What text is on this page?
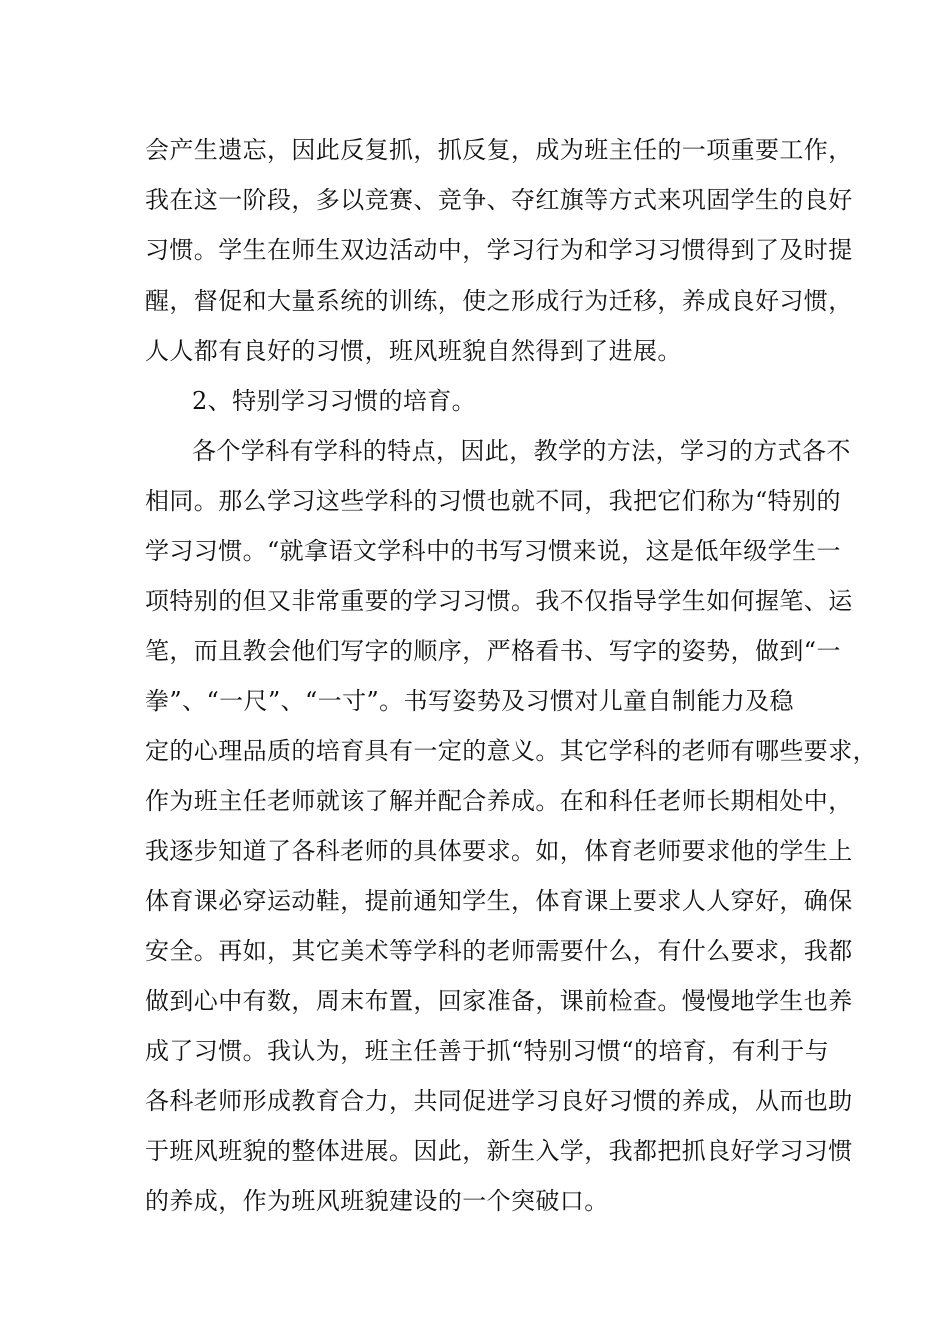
会产生遗忘，因此反复抓，抓反复，成为班主任的一项重要工作，
我在这一阶段，多以竞赛、竞争、夺红旗等方式来巩固学生的良好
习惯。学生在师生双边活动中，学习行为和学习习惯得到了及时提
醒，督促和大量系统的训练，使之形成行为迁移，养成良好习惯，
人人都有良好的习惯，班风班貌自然得到了进展。
2、特别学习习惯的培育。
各个学科有学科的特点，因此，教学的方法，学习的方式各不
相同。那么学习这些学科的习惯也就不同，我把它们称为“特别的
学习习惯。“就拿语文学科中的书写习惯来说，这是低年级学生一
项特别的但又非常重要的学习习惯。我不仅指导学生如何握笔、运
笔，而且教会他们写字的顺序，严格看书、写字的姿势，做到“一
拳”、“一尺”、“一寸”。书写姿势及习惯对儿童自制能力及稳
定的心理品质的培育具有一定的意义。其它学科的老师有哪些要求，
作为班主任老师就该了解并配合养成。在和科任老师长期相处中，
我逐步知道了各科老师的具体要求。如，体育老师要求他的学生上
体育课必穿运动鞋，提前通知学生，体育课上要求人人穿好，确保
安全。再如，其它美术等学科的老师需要什么，有什么要求，我都
做到心中有数，周末布置，回家准备，课前检查。慢慢地学生也养
成了习惯。我认为，班主任善于抓“特别习惯“的培育，有利于与
各科老师形成教育合力，共同促进学习良好习惯的养成，从而也助
于班风班貌的整体进展。因此，新生入学，我都把抓良好学习习惯
的养成，作为班风班貌建设的一个突破口。
